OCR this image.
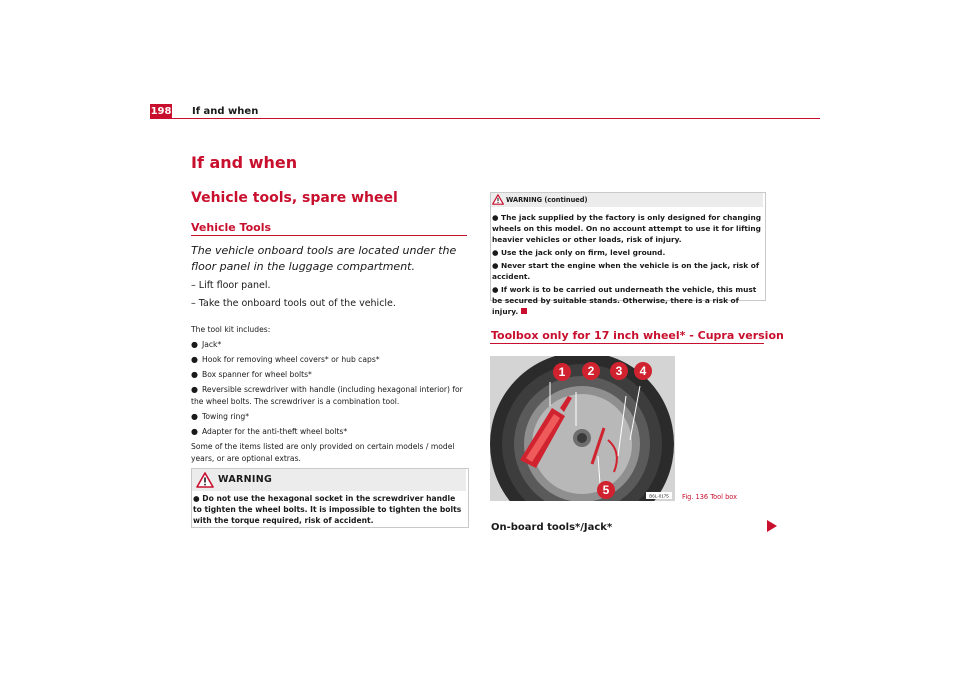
198 If and when
If and when
Vehicle tools, spare wheel
Vehicle Tools
The vehicle onboard tools are located under the floor panel in the luggage compartment.
– Lift floor panel.
– Take the onboard tools out of the vehicle.

The tool kit includes:

● Jack*

● Hook for removing wheel covers* or hub caps*

● Box spanner for wheel bolts*

● Reversible screwdriver with handle (including hexagonal interior) for the wheel bolts. The screwdriver is a combination tool.

● Towing ring*

● Adapter for the anti-theft wheel bolts*

Some of the items listed are only provided on certain models / model years, or are optional extras.

WARNING
● Do not use the hexagonal socket in the screwdriver handle to tighten the wheel bolts. It is impossible to tighten the bolts with the torque required, risk of accident.
WARNING (continued)

● The jack supplied by the factory is only designed for changing wheels on this model. On no account attempt to use it for lifting heavier vehicles or other loads, risk of injury.

● Use the jack only on firm, level ground.

● Never start the engine when the vehicle is on the jack, risk of accident.

● If work is to be carried out underneath the vehicle, this must be secured by suitable stands. Otherwise, there is a risk of injury.

Toolbox only for 17 inch wheel* - Cupra version
1 2 3 4
5	B6L-0175 Fig. 136 Tool box
On-board tools*/Jack*
